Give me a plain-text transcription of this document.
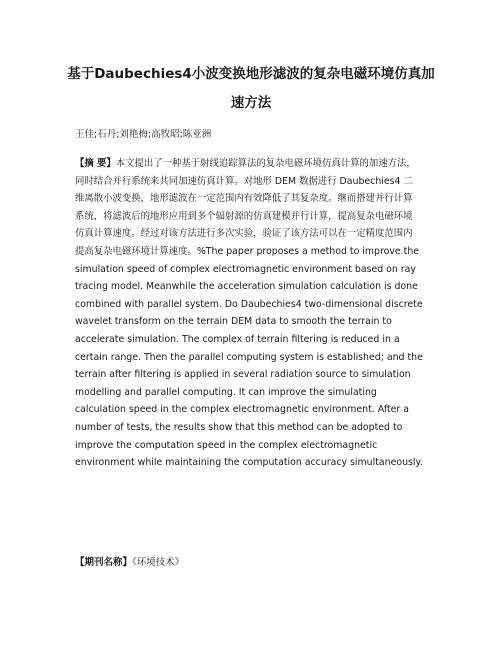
基于Daubechies4小波变换地形滤波的复杂电磁环境仿真加
速方法
王佳;石丹;刘艳梅;高牧昭;陈亚洲
【摘 要】本文提出了一种基于射线追踪算法的复杂电磁环境仿真计算的加速方法，
同时结合并行系统来共同加速仿真计算。对地形 DEM 数据进行 Daubechies4 二
维离散小波变换，地形滤波在一定范围内有效降低了其复杂度。继而搭建并行计算
系统，将滤波后的地形应用到多个辐射源的仿真建模并行计算，提高复杂电磁环境
仿真计算速度。经过对该方法进行多次实验，验证了该方法可以在一定精度范围内
提高复杂电磁环境计算速度。%The paper proposes a method to improve the
simulation speed of complex electromagnetic environment based on ray
tracing model. Meanwhile the acceleration simulation calculation is done
combined with parallel system. Do Daubechies4 two-dimensional discrete
wavelet transform on the terrain DEM data to smooth the terrain to
accelerate simulation. The complex of terrain filtering is reduced in a
certain range. Then the parallel computing system is established; and the
terrain after filtering is applied in several radiation source to simulation
modelling and parallel computing. It can improve the simulating
calculation speed in the complex electromagnetic environment. After a
number of tests, the results show that this method can be adopted to
improve the computation speed in the complex electromagnetic
environment while maintaining the computation accuracy simultaneously.
【期刊名称】《环境技术》
